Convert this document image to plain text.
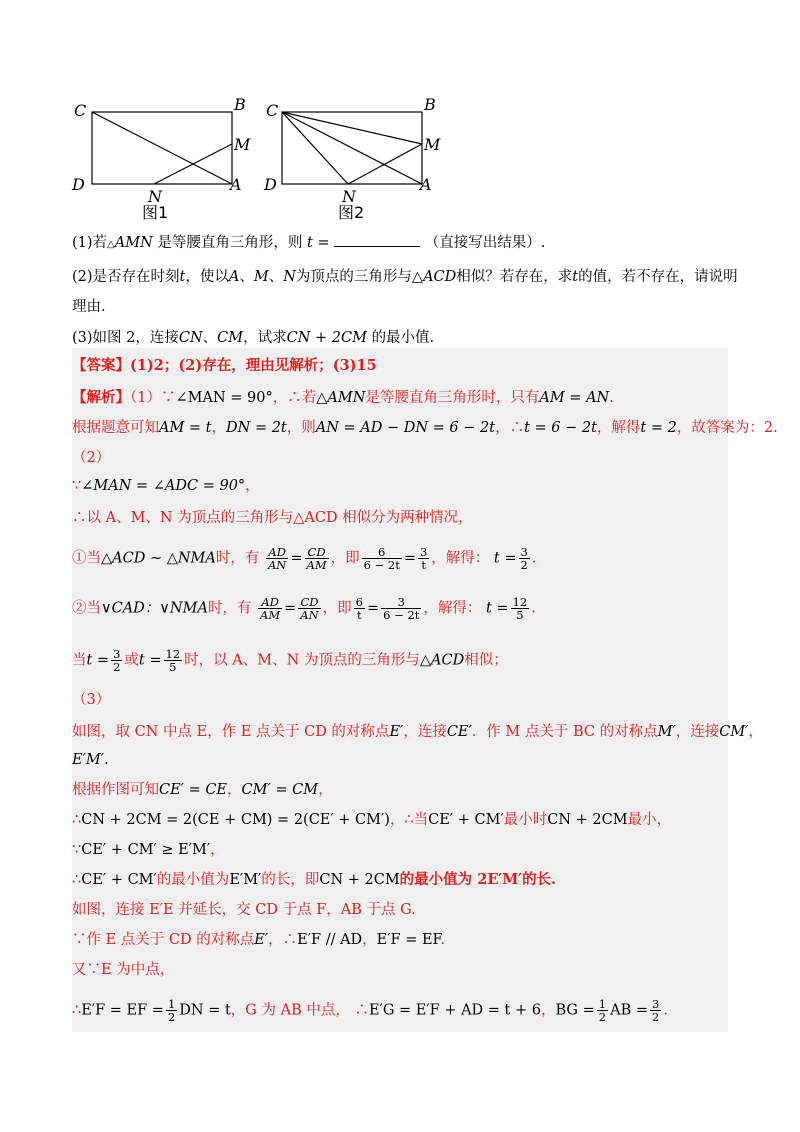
C	B
M
D
N
A
图1
C	B
M
D
N
A
图2
(1)若△AMN 是等腰直角三角形，则 t =	（直接写出结果）.
(2)是否存在时刻t，使以A、M、N为顶点的三角形与△ACD相似？若存在，求t的值，若不存在，请说明
理由.
(3)如图 2，连接CN、CM，试求CN + 2CM 的最小值.
【答案】(1)2；(2)存在，理由见解析；(3)15
【解析】（1）∵∠MAN = 90°，∴若△AMN是等腰直角三角形时，只有AM = AN.
根据题意可知AM = t，DN = 2t，则AN = AD − DN = 6 − 2t，∴t = 6 − 2t，解得t = 2，故答案为：2.
（2）
∵∠MAN = ∠ADC = 90°，
∴以 A、M、N 为顶点的三角形与△ACD 相似分为两种情况，
①当△ACD ∼ △NMA时，有 $\frac{AD}{AN} = \frac{CD}{AM}$ ，即 $\frac{6}{6 - 2t} = \frac{3}{t}$ ，解得： $t = \frac{3}{2}$ .
②当∨CAD：∨NMA时，有 $\frac{AD}{AM} = \frac{CD}{AN}$ ，即 $\frac{6}{t} = \frac{3}{6 - 2t}$ ，解得： $t = \frac{12}{5}$ .
当$t = \frac{3}{2}$ 或$t = \frac{12}{5}$ 时，以 A、M、N 为顶点的三角形与△ACD相似；
（3）
如图，取 CN 中点 E，作 E 点关于 CD 的对称点E′，连接CE′．作 M 点关于 BC 的对称点M′，连接CM′，
E′M′.
根据作图可知CE′ = CE，CM′ = CM，
∴CN + 2CM = 2(CE + CM) = 2(CE′ + CM′)，∴当CE′ + CM′最小时CN + 2CM最小，
∵CE′ + CM′ ≥ E′M′，
∴CE′ + CM′的最小值为E′M′的长，即CN + 2CM的最小值为 2E′M′的长.
如图，连接 E′E 并延长，交 CD 于点 F，AB 于点 G.
∵作 E 点关于 CD 的对称点E′，∴E′F // AD，E′F = EF.
又∵E 为中点，
∴E′F = EF = $\frac{1}{2}$ DN = t，G 为 AB 中点， ∴E′G = E′F + AD = t + 6，BG = $\frac{1}{2}$ AB = $\frac{3}{2}$ .
